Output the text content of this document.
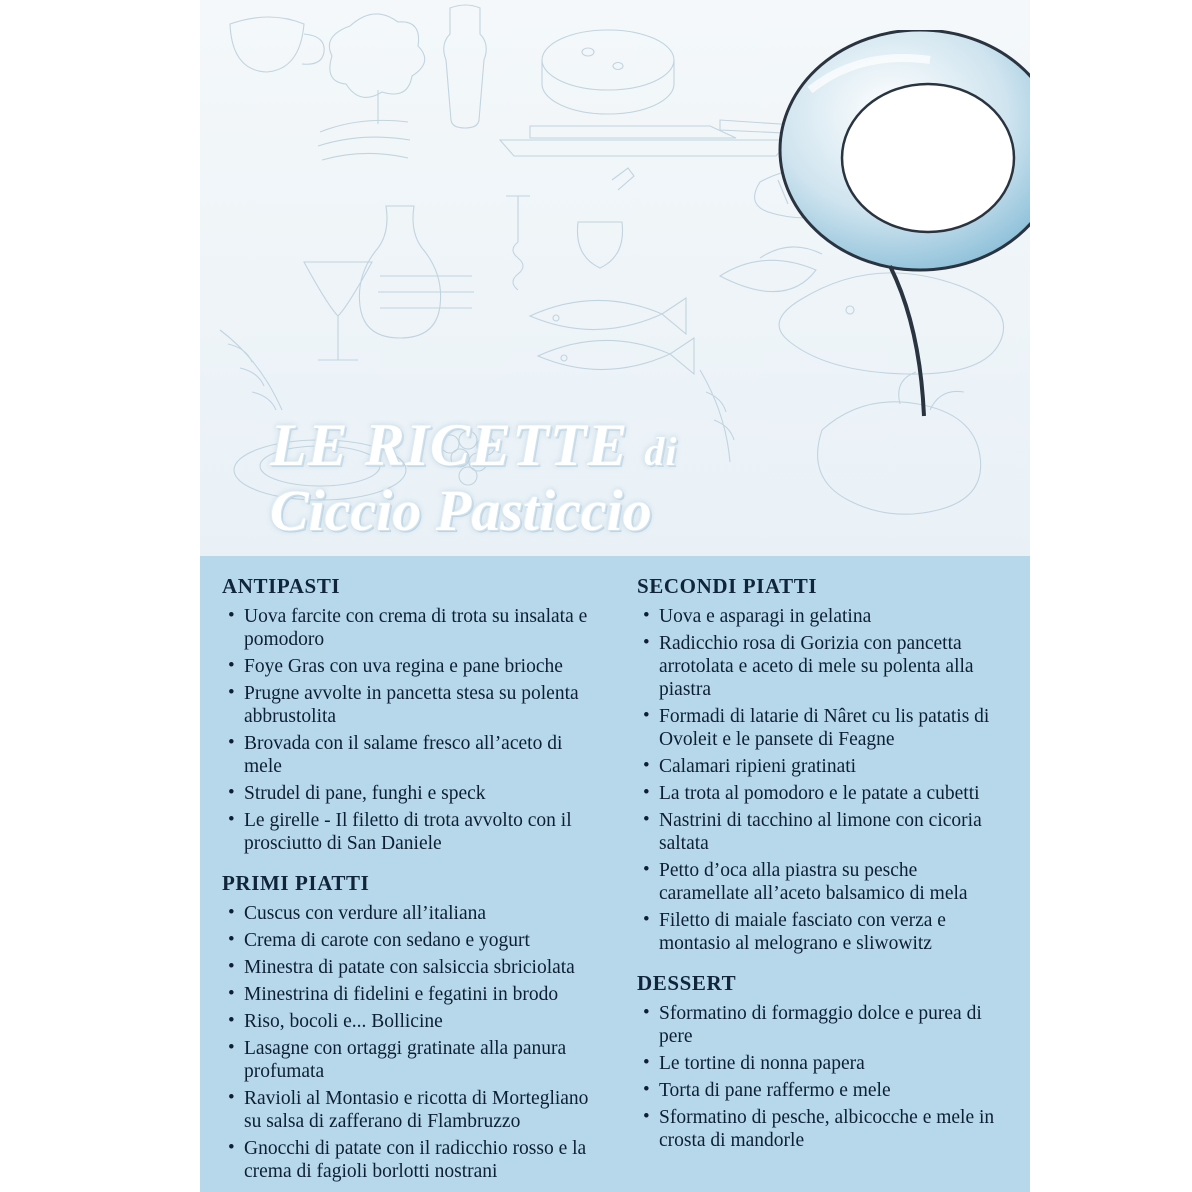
LE RICETTE di
Ciccio Pasticcio
ANTIPASTI
• Uova farcite con crema di trota su insalata e pomodoro
• Foye Gras con uva regina e pane brioche
• Prugne avvolte in pancetta stesa su polenta abbrustolita
• Brovada con il salame fresco all’aceto di mele
• Strudel di pane, funghi e speck
• Le girelle - Il filetto di trota avvolto con il prosciutto di San Daniele
PRIMI PIATTI
• Cuscus con verdure all’italiana
• Crema di carote con sedano e yogurt
• Minestra di patate con salsiccia sbriciolata
• Minestrina di fidelini e fegatini in brodo
• Riso, bocoli e... Bollicine
• Lasagne con ortaggi gratinate alla panura profumata
• Ravioli al Montasio e ricotta di Mortegliano su salsa di zafferano di Flambruzzo
• Gnocchi di patate con il radicchio rosso e la crema di fagioli borlotti nostrani
SECONDI PIATTI
• Uova e asparagi in gelatina
• Radicchio rosa di Gorizia con pancetta arrotolata e aceto di mele su polenta alla piastra
• Formadi di latarie di Nâret cu lis patatis di Ovoleit e le pansete di Feagne
• Calamari ripieni gratinati
• La trota al pomodoro e le patate a cubetti
• Nastrini di tacchino al limone con cicoria saltata
• Petto d’oca alla piastra su pesche caramellate all’aceto balsamico di mela
• Filetto di maiale fasciato con verza e montasio al melograno e sliwowitz
DESSERT
• Sformatino di formaggio dolce e purea di pere
• Le tortine di nonna papera
• Torta di pane raffermo e mele
• Sformatino di pesche, albicocche e mele in crosta di mandorle
